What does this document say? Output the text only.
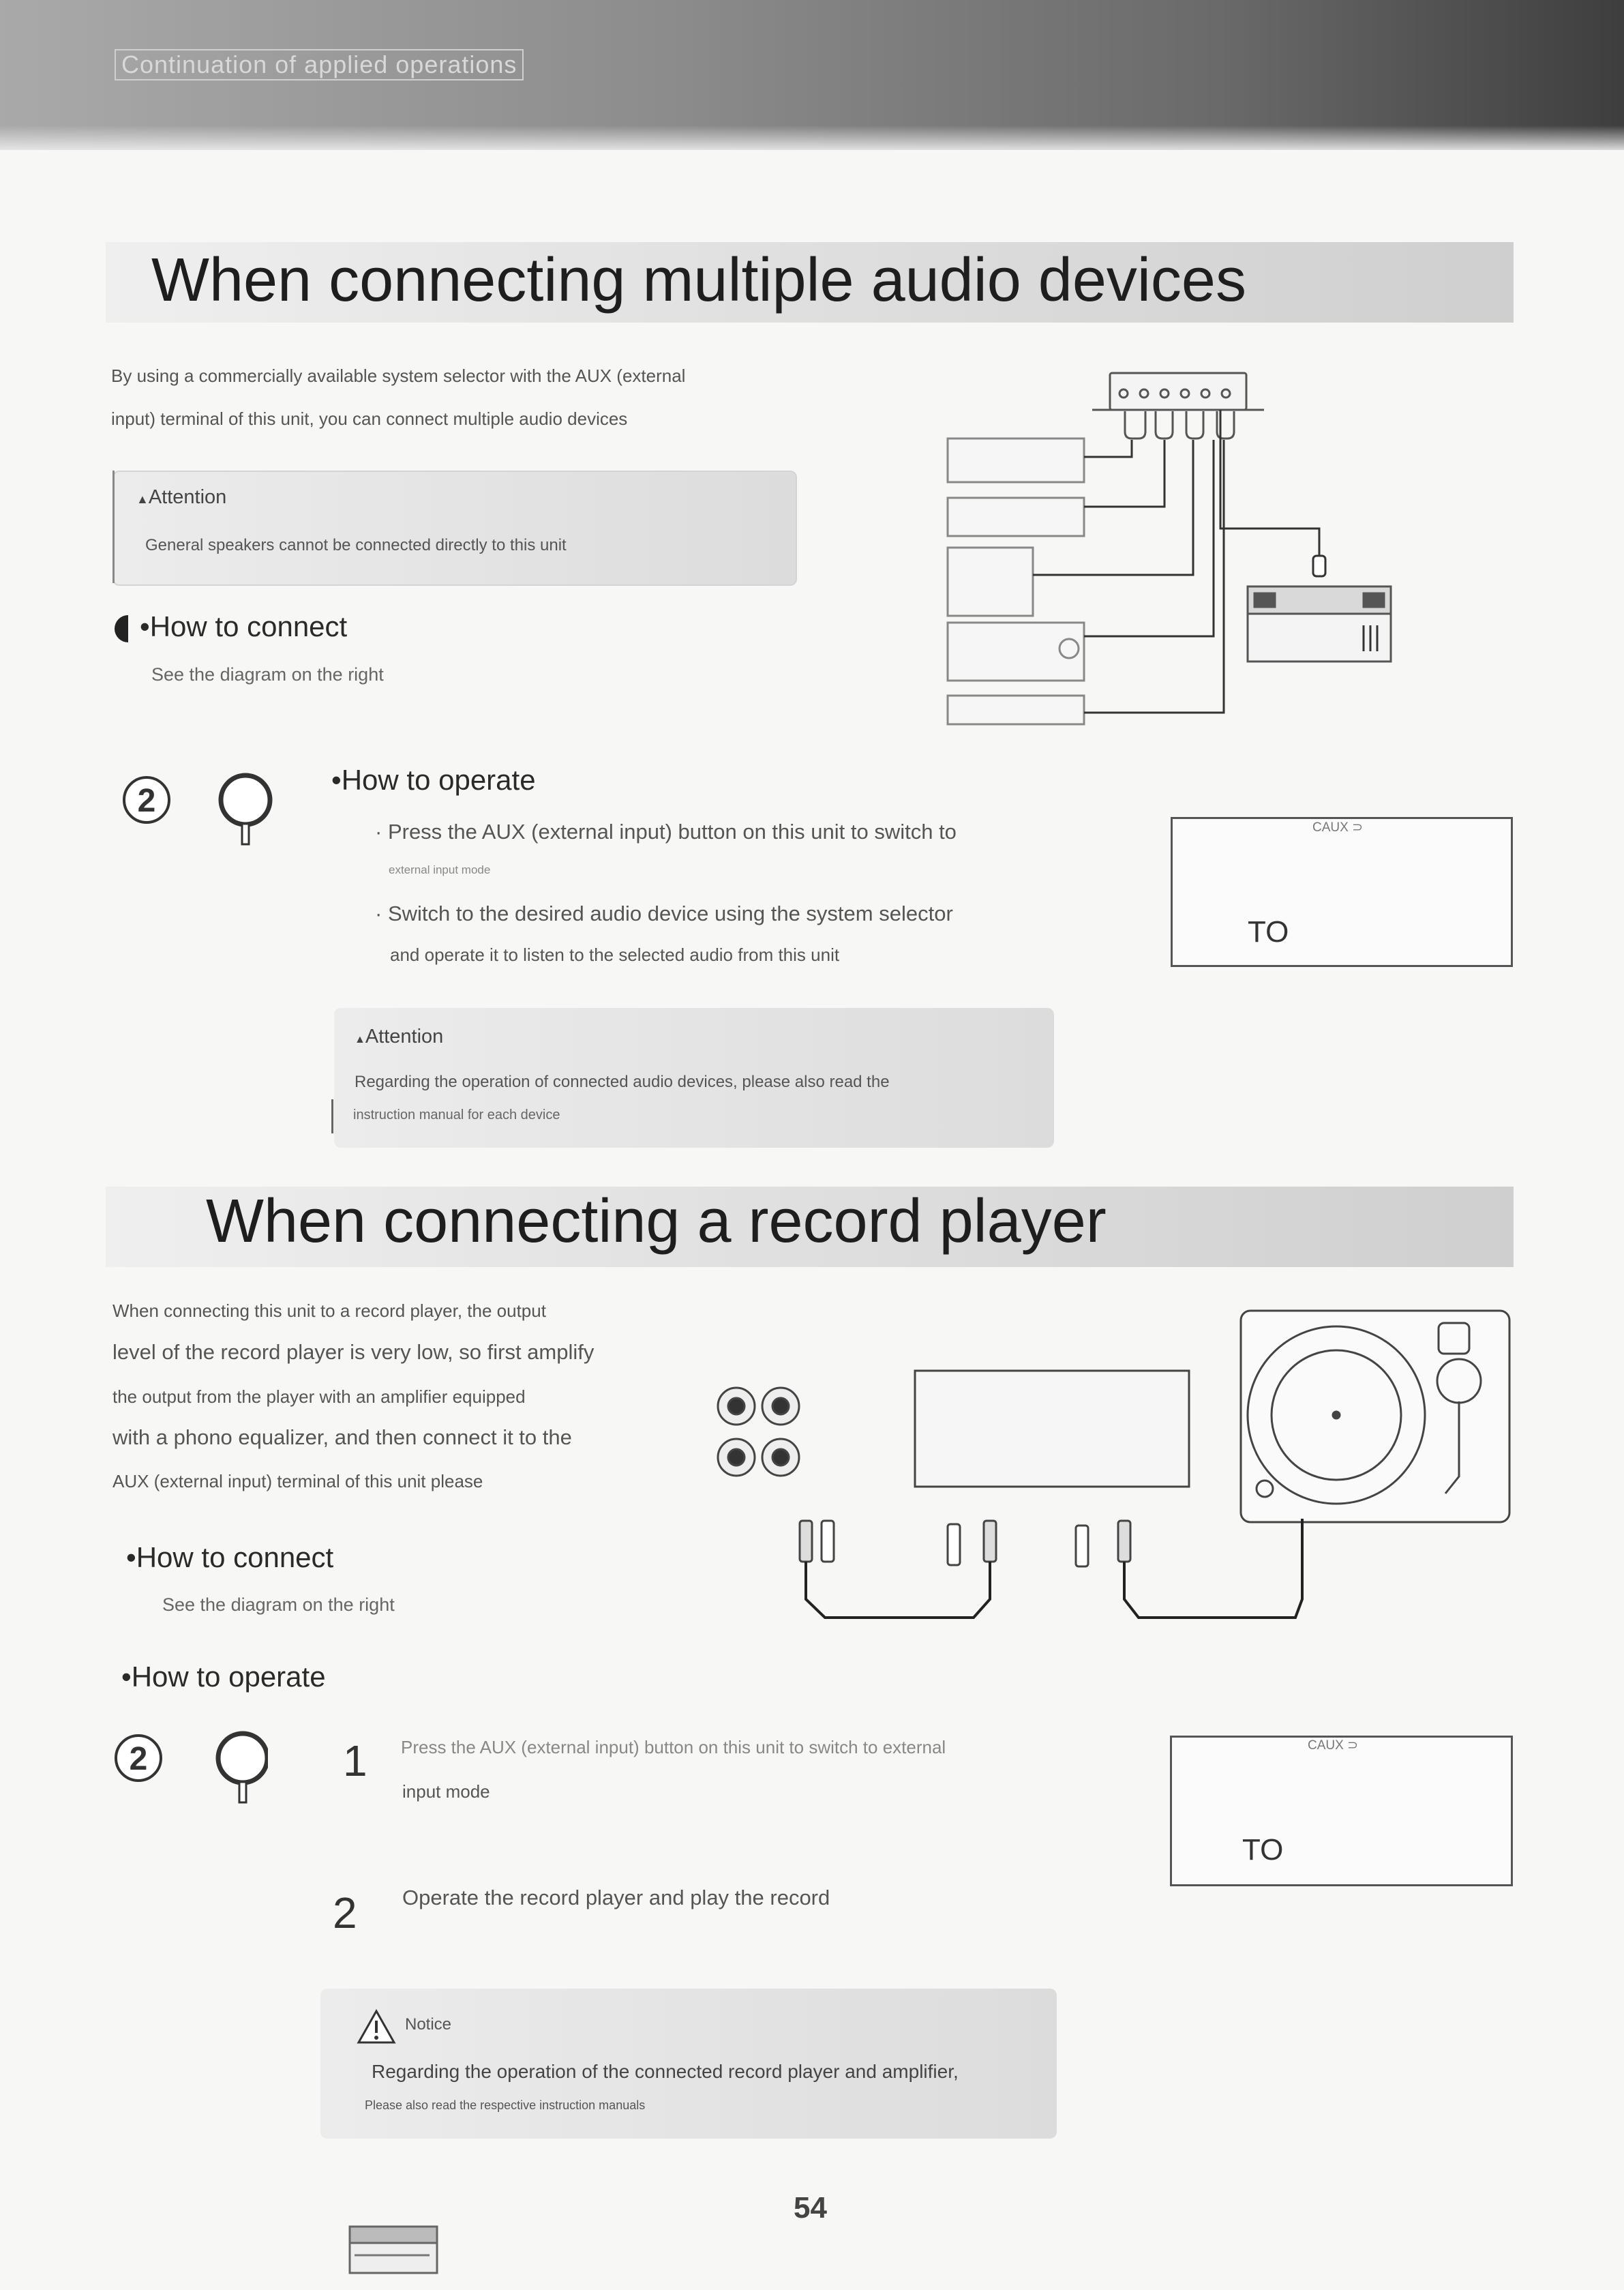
Continuation of applied operations
When connecting multiple audio devices
By using a commercially available system selector with the AUX (external
input) terminal of this unit, you can connect multiple audio devices
▲Attention
General speakers cannot be connected directly to this unit
•How to connect
See the diagram on the right
2
•How to operate
· Press the AUX (external input) button on this unit to switch to
external input mode
· Switch to the desired audio device using the system selector
and operate it to listen to the selected audio from this unit
CAUX ⊃
TO
▲Attention
Regarding the operation of connected audio devices, please also read the
instruction manual for each device
When connecting a record player
When connecting this unit to a record player, the output
level of the record player is very low, so first amplify
the output from the player with an amplifier equipped
with a phono equalizer, and then connect it to the
AUX (external input) terminal of this unit please
•How to connect
See the diagram on the right
•How to operate
2	1 Press the AUX (external input) button on this unit to switch to external
input mode
2 Operate the record player and play the record
CAUX ⊃
TO
Notice
Regarding the operation of the connected record player and amplifier,
Please also read the respective instruction manuals
54
